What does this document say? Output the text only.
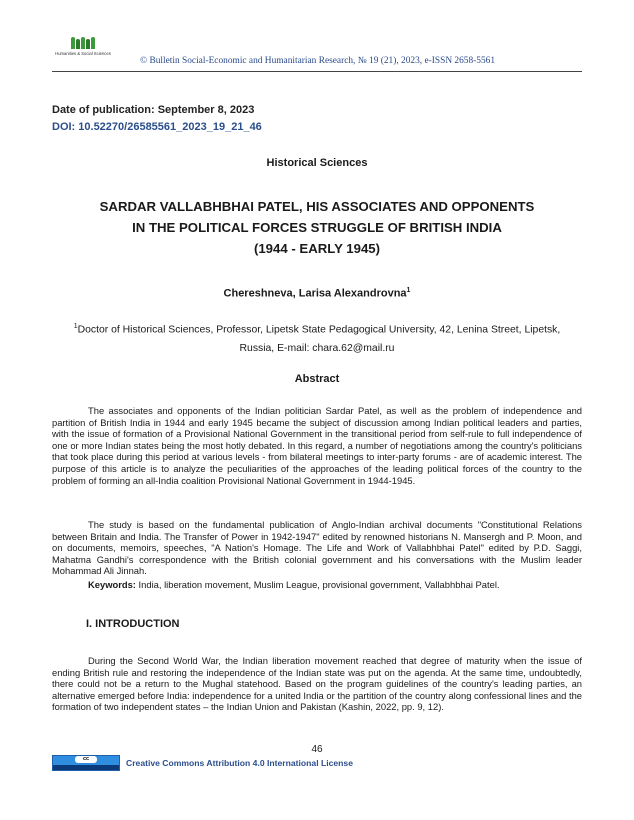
Humanities & Social Sciences
© Bulletin Social-Economic and Humanitarian Research, № 19 (21), 2023, e-ISSN 2658-5561
Date of publication: September 8, 2023
DOI: 10.52270/26585561_2023_19_21_46
Historical Sciences
SARDAR VALLABHBHAI PATEL, HIS ASSOCIATES AND OPPONENTS
IN THE POLITICAL FORCES STRUGGLE OF BRITISH INDIA
(1944 - EARLY 1945)
Chereshneva, Larisa Alexandrovna$^1$
$^1$Doctor of Historical Sciences, Professor, Lipetsk State Pedagogical University, 42, Lenina Street, Lipetsk, Russia, E-mail: chara.62@mail.ru
Abstract
The associates and opponents of the Indian politician Sardar Patel, as well as the problem of independence and partition of British India in 1944 and early 1945 became the subject of discussion among Indian political leaders and parties, with the issue of formation of a Provisional National Government in the transitional period from self-rule to full independence of one or more Indian states being the most hotly debated. In this regard, a number of negotiations among the country's politicians that took place during this period at various levels - from bilateral meetings to inter-party forums - are of academic interest. The purpose of this article is to analyze the peculiarities of the approaches of the leading political forces of the country to the problem of forming an all-India coalition Provisional National Government in 1944-1945.
The study is based on the fundamental publication of Anglo-Indian archival documents "Constitutional Relations between Britain and India. The Transfer of Power in 1942-1947" edited by renowned historians N. Mansergh and P. Moon, and on documents, memoirs, speeches, "A Nation's Homage. The Life and Work of Vallabhbhai Patel" edited by P.D. Saggi, Mahatma Gandhi's correspondence with the British colonial government and his conversations with the Muslim leader Mohammad Ali Jinnah.
Keywords: India, liberation movement, Muslim League, provisional government, Vallabhbhai Patel.
I. INTRODUCTION
During the Second World War, the Indian liberation movement reached that degree of maturity when the issue of ending British rule and restoring the independence of the Indian state was put on the agenda. At the same time, undoubtedly, there could not be a return to the Mughal statehood. Based on the program guidelines of the country's leading parties, an alternative emerged before India: independence for a united India or the partition of the country along confessional lines and the formation of two independent states – the Indian Union and Pakistan (Kashin, 2022, pp. 9, 12).
46
cc	Creative Commons Attribution 4.0 International License
